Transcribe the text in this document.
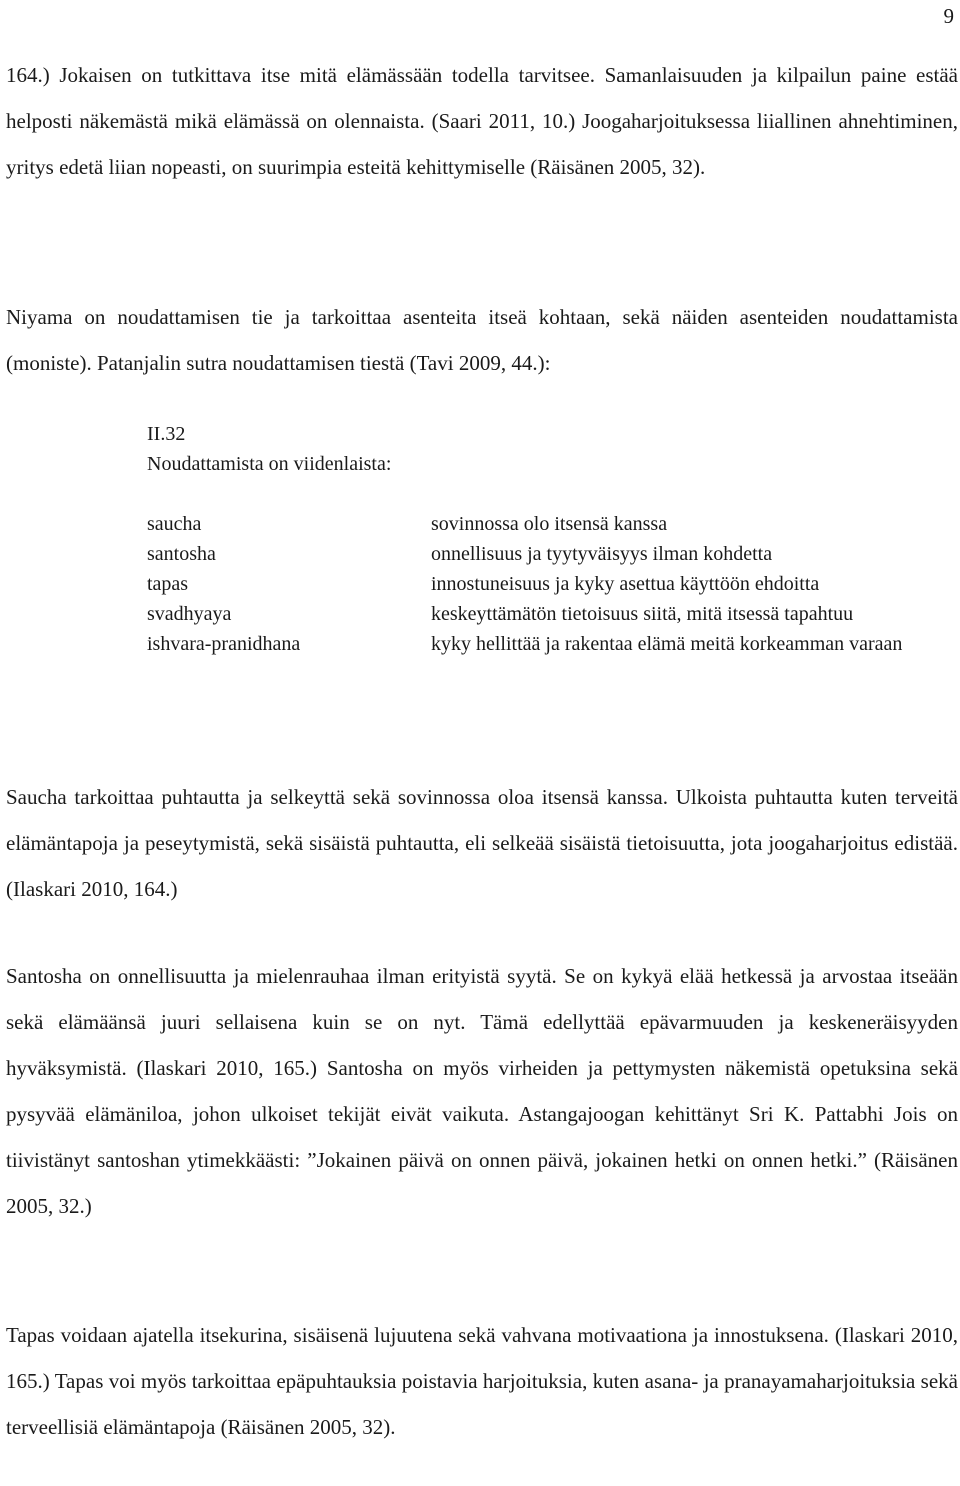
9

164.) Jokaisen on tutkittava itse mitä elämässään todella tarvitsee. Samanlaisuuden ja kilpailun paine estää helposti näkemästä mikä elämässä on olennaista. (Saari 2011, 10.) Joogaharjoituksessa liiallinen ahnehtiminen, yritys edetä liian nopeasti, on suurimpia esteitä kehittymiselle (Räisänen 2005, 32).

Niyama on noudattamisen tie ja tarkoittaa asenteita itseä kohtaan, sekä näiden asenteiden noudattamista (moniste). Patanjalin sutra noudattamisen tiestä (Tavi 2009, 44.):

II.32
Noudattamista on viidenlaista:
saucha	sovinnossa olo itsensä kanssa
santosha	onnellisuus ja tyytyväisyys ilman kohdetta
tapas	innostuneisuus ja kyky asettua käyttöön ehdoitta
svadhyaya	keskeyttämätön tietoisuus siitä, mitä itsessä tapahtuu
ishvara-pranidhana	kyky hellittää ja rakentaa elämä meitä korkeamman varaan

Saucha tarkoittaa puhtautta ja selkeyttä sekä sovinnossa oloa itsensä kanssa. Ulkoista puhtautta kuten terveitä elämäntapoja ja peseytymistä, sekä sisäistä puhtautta, eli selkeää sisäistä tietoisuutta, jota joogaharjoitus edistää. (Ilaskari 2010, 164.)

Santosha on onnellisuutta ja mielenrauhaa ilman erityistä syytä. Se on kykyä elää hetkessä ja arvostaa itseään sekä elämäänsä juuri sellaisena kuin se on nyt. Tämä edellyttää epävarmuuden ja keskeneräisyyden hyväksymistä. (Ilaskari 2010, 165.) Santosha on myös virheiden ja pettymysten näkemistä opetuksina sekä pysyvää elämäniloa, johon ulkoiset tekijät eivät vaikuta. Astangajoogan kehittänyt Sri K. Pattabhi Jois on tiivistänyt santoshan ytimekkäästi: ”Jokainen päivä on onnen päivä, jokainen hetki on onnen hetki.” (Räisänen 2005, 32.)

Tapas voidaan ajatella itsekurina, sisäisenä lujuutena sekä vahvana motivaationa ja innostuksena. (Ilaskari 2010, 165.) Tapas voi myös tarkoittaa epäpuhtauksia poistavia harjoituksia, kuten asana- ja pranayamaharjoituksia sekä terveellisiä elämäntapoja (Räisänen 2005, 32).
